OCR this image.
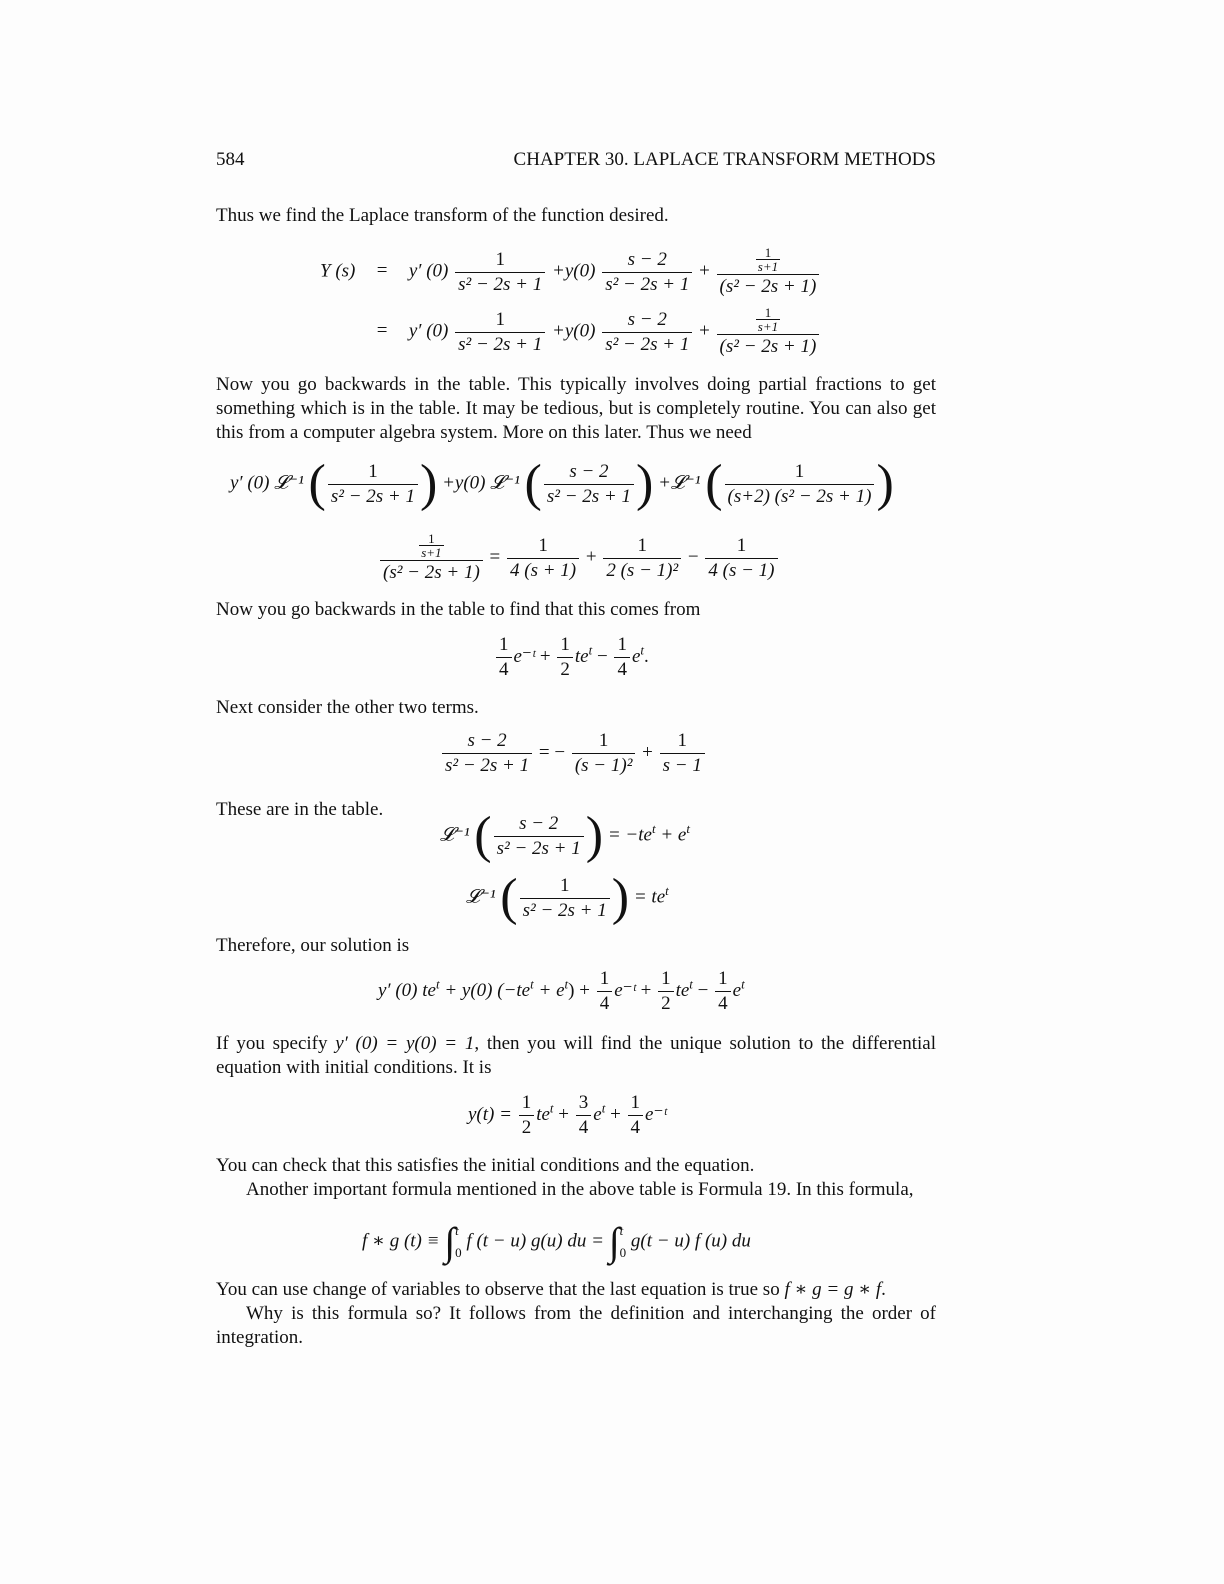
584	CHAPTER 30. LAPLACE TRANSFORM METHODS
Thus we find the Laplace transform of the function desired.
Y (s) = y′ $(0) \frac{1}{\text{s² − 2s + 1}} +y(0) \frac{s - 2}{\text{s² − 2s + 1}} + \frac{\frac{1}{s+1}}{\text{(s² − 2s + 1)}}$
= y′ $(0) \frac{1}{\text{s² − 2s + 1}} +y(0) \frac{s - 2}{\text{s² − 2s + 1}} + \frac{\frac{1}{s+1}}{\text{(s² − 2s + 1)}}$
Now you go backwards in the table. This typically involves doing partial fractions to get something which is in the table. It may be tedious, but is completely routine. You can also get this from a computer algebra system. More on this later. Thus we need
y′ (0) 𝓛⁻¹ ( $\frac{1}{\text{s² − 2s + 1}}$ ) +y(0) 𝓛⁻¹ ( $\frac{s - 2}{\text{s² − 2s + 1}}$ ) +𝓛⁻¹ ( $\frac{1}{\text{(s+2) (s² − 2s + 1)}}$ )
$\frac{\frac{1}{s+1}}{\text{(s² − 2s + 1)}} = \frac{1}{4 (s + 1)} + \frac{1}{\text{2 (s − 1)²}} - \frac{1}{4 (s - 1)}$
Now you go backwards in the table to find that this comes from
$\frac{1}{4}$ e⁻ᵗ + $\frac{1}{2} te^t - \frac{1}{4} e^t$.
Next consider the other two terms.
$\frac{s - 2}{\text{s² − 2s + 1}}$ = − $\frac{1}{\text{(s − 1)²}} + \frac{1}{s - 1}$
These are in the table.
𝓛⁻¹ ( $\frac{s - 2}{\text{s² − 2s + 1}}$ ) = $-te^t + e^t$
𝓛⁻¹ ( $\frac{1}{\text{s² − 2s + 1}}$ ) = $te^t$
Therefore, our solution is
y′ (0) $te^t + y(0) (-te^t + e^t) + \frac{1}{4}$ e⁻ᵗ + $\frac{1}{2} te^t - \frac{1}{4} e^t$
If you specify y′ (0) = y(0) = 1, then you will find the unique solution to the differential equation with initial conditions. It is
$y(t) = \frac{1}{2} te^t + \frac{3}{4} e^t + \frac{1}{4}$ e⁻ᵗ
You can check that this satisfies the initial conditions and the equation.
Another important formula mentioned in the above table is Formula 19. In this formula,
f ∗ g (t) ≡ ∫ t
0
f (t − u) g(u) du = ∫ t
0
g(t − u) f (u) du
You can use change of variables to observe that the last equation is true so f ∗ g = g ∗ f.
Why is this formula so? It follows from the definition and interchanging the order of integration.
